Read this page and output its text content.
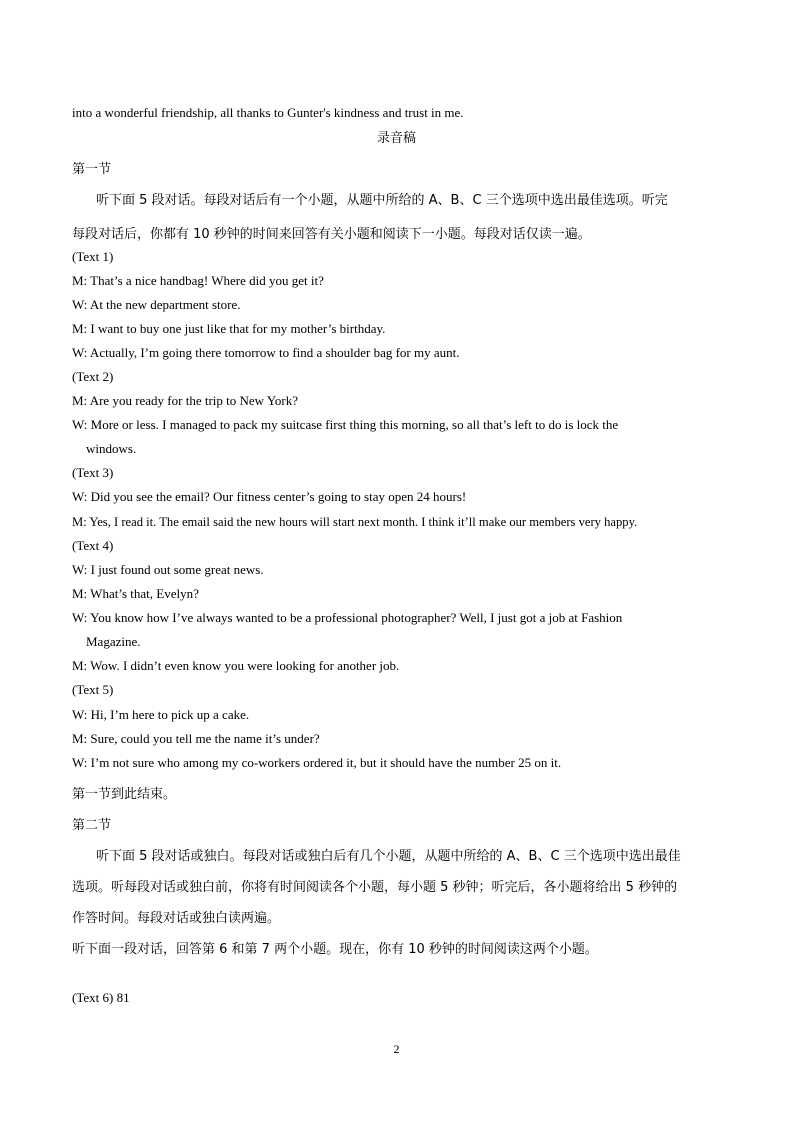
into a wonderful friendship, all thanks to Gunter's kindness and trust in me.
录音稿
第一节
听下面 5 段对话。每段对话后有一个小题，从题中所给的 A、B、C 三个选项中选出最佳选项。听完
每段对话后，你都有 10 秒钟的时间来回答有关小题和阅读下一小题。每段对话仅读一遍。
(Text 1)
M: That’s a nice handbag! Where did you get it?
W: At the new department store.
M: I want to buy one just like that for my mother’s birthday.
W: Actually, I’m going there tomorrow to find a shoulder bag for my aunt.
(Text 2)
M: Are you ready for the trip to New York?
W: More or less. I managed to pack my suitcase first thing this morning, so all that’s left to do is lock the
windows.
(Text 3)
W: Did you see the email? Our fitness center’s going to stay open 24 hours!
M: Yes, I read it. The email said the new hours will start next month. I think it’ll make our members very happy.
(Text 4)
W: I just found out some great news.
M: What’s that, Evelyn?
W: You know how I’ve always wanted to be a professional photographer? Well, I just got a job at Fashion
Magazine.
M: Wow. I didn’t even know you were looking for another job.
(Text 5)
W: Hi, I’m here to pick up a cake.
M: Sure, could you tell me the name it’s under?
W: I’m not sure who among my co-workers ordered it, but it should have the number 25 on it.
第一节到此结束。
第二节
听下面 5 段对话或独白。每段对话或独白后有几个小题，从题中所给的 A、B、C 三个选项中选出最佳
选项。听每段对话或独白前，你将有时间阅读各个小题，每小题 5 秒钟；听完后，各小题将给出 5 秒钟的
作答时间。每段对话或独白读两遍。
听下面一段对话，回答第 6 和第 7 两个小题。现在，你有 10 秒钟的时间阅读这两个小题。
(Text 6) 81
2
